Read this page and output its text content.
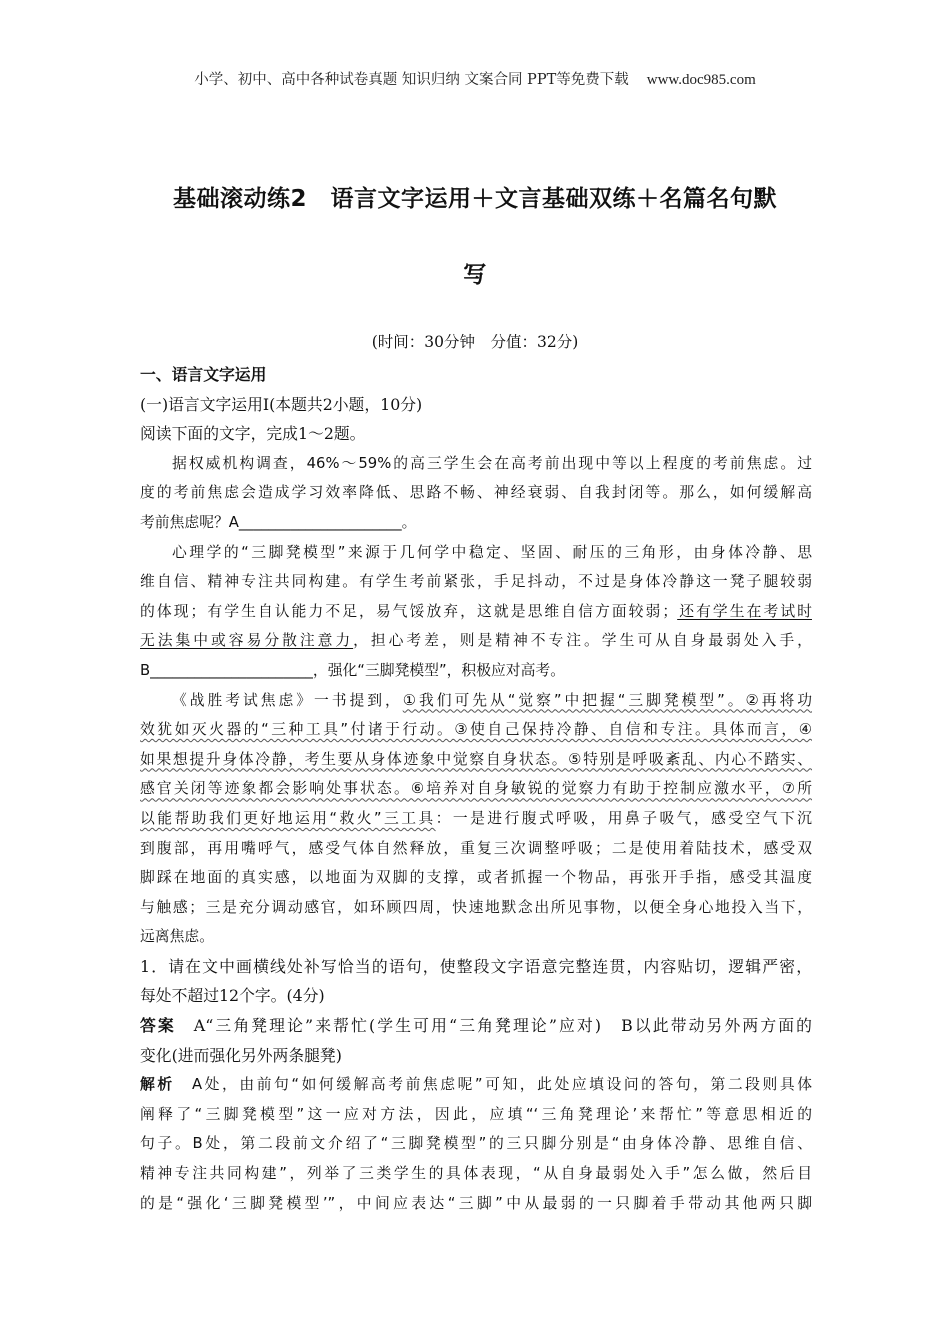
小学、初中、高中各种试卷真题 知识归纳 文案合同 PPT等免费下载 www.doc985.com
基础滚动练2　语言文字运用＋文言基础双练＋名篇名句默
写
(时间：30分钟　分值：32分)
一、语言文字运用
(一)语言文字运用Ⅰ(本题共2小题，10分)
阅读下面的文字，完成1～2题。
据权威机构调查，46%～59%的高三学生会在高考前出现中等以上程度的考前焦虑。过
度的考前焦虑会造成学习效率降低、思路不畅、神经衰弱、自我封闭等。那么，如何缓解高
考前焦虑呢？A______________________。
心理学的“三脚凳模型”来源于几何学中稳定、坚固、耐压的三角形，由身体冷静、思
维自信、精神专注共同构建。有学生考前紧张，手足抖动，不过是身体冷静这一凳子腿较弱
的体现；有学生自认能力不足，易气馁放弃，这就是思维自信方面较弱；还有学生在考试时
无法集中或容易分散注意力，担心考差，则是精神不专注。学生可从自身最弱处入手，
B______________________，强化“三脚凳模型”，积极应对高考。
《战胜考试焦虑》一书提到，①我们可先从“觉察”中把握“三脚凳模型”。②再将功
效犹如灭火器的“三种工具”付诸于行动。③使自己保持冷静、自信和专注。具体而言，④
如果想提升身体冷静，考生要从身体迹象中觉察自身状态。⑤特别是呼吸紊乱、内心不踏实、
感官关闭等迹象都会影响处事状态。⑥培养对自身敏锐的觉察力有助于控制应激水平，⑦所
以能帮助我们更好地运用“救火”三工具：一是进行腹式呼吸，用鼻子吸气，感受空气下沉
到腹部，再用嘴呼气，感受气体自然释放，重复三次调整呼吸；二是使用着陆技术，感受双
脚踩在地面的真实感，以地面为双脚的支撑，或者抓握一个物品，再张开手指，感受其温度
与触感；三是充分调动感官，如环顾四周，快速地默念出所见事物，以便全身心地投入当下，
远离焦虑。
1．请在文中画横线处补写恰当的语句，使整段文字语意完整连贯，内容贴切，逻辑严密，
每处不超过12个字。(4分)
答案　A“三角凳理论”来帮忙(学生可用“三角凳理论”应对)　B以此带动另外两方面的
变化(进而强化另外两条腿凳)
解析　A处，由前句“如何缓解高考前焦虑呢”可知，此处应填设问的答句，第二段则具体
阐释了“三脚凳模型”这一应对方法，因此，应填“‘三角凳理论’来帮忙”等意思相近的
句子。B处，第二段前文介绍了“三脚凳模型”的三只脚分别是“由身体冷静、思维自信、
精神专注共同构建”，列举了三类学生的具体表现，“从自身最弱处入手”怎么做，然后目
的是“强化‘三脚凳模型’”，中间应表达“三脚”中从最弱的一只脚着手带动其他两只脚
